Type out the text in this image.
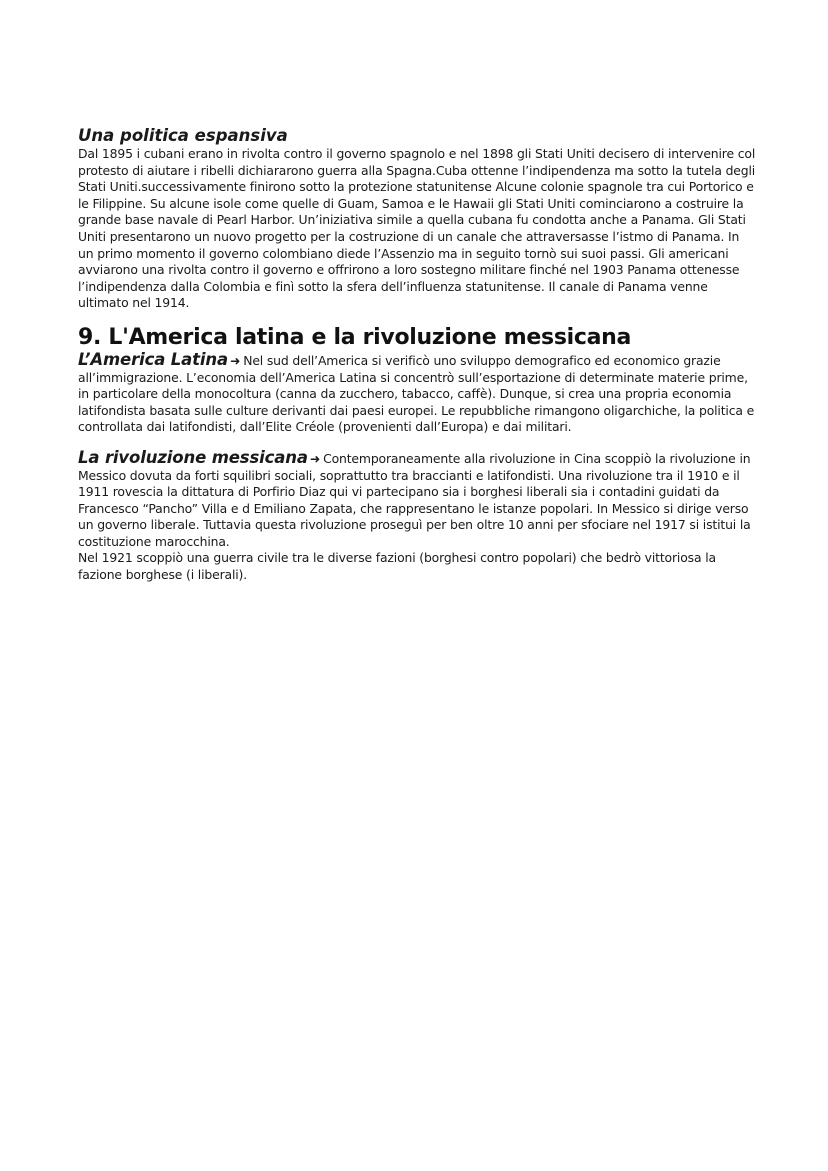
Una politica espansiva

Dal 1895 i cubani erano in rivolta contro il governo spagnolo e nel 1898 gli Stati Uniti decisero di intervenire col protesto di aiutare i ribelli dichiararono guerra alla Spagna.Cuba ottenne l’indipendenza ma sotto la tutela degli Stati Uniti.successivamente finirono sotto la protezione statunitense Alcune colonie spagnole tra cui Portorico e le Filippine. Su alcune isole come quelle di Guam, Samoa e le Hawaii gli Stati Uniti cominciarono a costruire la grande base navale di Pearl Harbor. Un’iniziativa simile a quella cubana fu condotta anche a Panama. Gli Stati Uniti presentarono un nuovo progetto per la costruzione di un canale che attraversasse l’istmo di Panama. In un primo momento il governo colombiano diede l’Assenzio ma in seguito tornò sui suoi passi. Gli americani avviarono una rivolta contro il governo e offrirono a loro sostegno militare finché nel 1903 Panama ottenesse l’indipendenza dalla Colombia e finì sotto la sfera dell’influenza statunitense. Il canale di Panama venne ultimato nel 1914.

9. L'America latina e la rivoluzione messicana

L’America Latina ➜ Nel sud dell’America si verificò uno sviluppo demografico ed economico grazie all’immigrazione. L’economia dell’America Latina si concentrò sull’esportazione di determinate materie prime, in particolare della monocoltura (canna da zucchero, tabacco, caffè). Dunque, si crea una propria economia latifondista basata sulle culture derivanti dai paesi europei. Le repubbliche rimangono oligarchiche, la politica e controllata dai latifondisti, dall’Elite Créole (provenienti dall’Europa) e dai militari.

La rivoluzione messicana ➜ Contemporaneamente alla rivoluzione in Cina scoppiò la rivoluzione in Messico dovuta da forti squilibri sociali, soprattutto tra braccianti e latifondisti. Una rivoluzione tra il 1910 e il 1911 rovescia la dittatura di Porfirio Diaz qui vi partecipano sia i borghesi liberali sia i contadini guidati da Francesco “Pancho” Villa e d Emiliano Zapata, che rappresentano le istanze popolari. In Messico si dirige verso un governo liberale. Tuttavia questa rivoluzione proseguì per ben oltre 10 anni per sfociare nel 1917 si istitui la costituzione marocchina.

Nel 1921 scoppiò una guerra civile tra le diverse fazioni (borghesi contro popolari) che bedrò vittoriosa la fazione borghese (i liberali).
